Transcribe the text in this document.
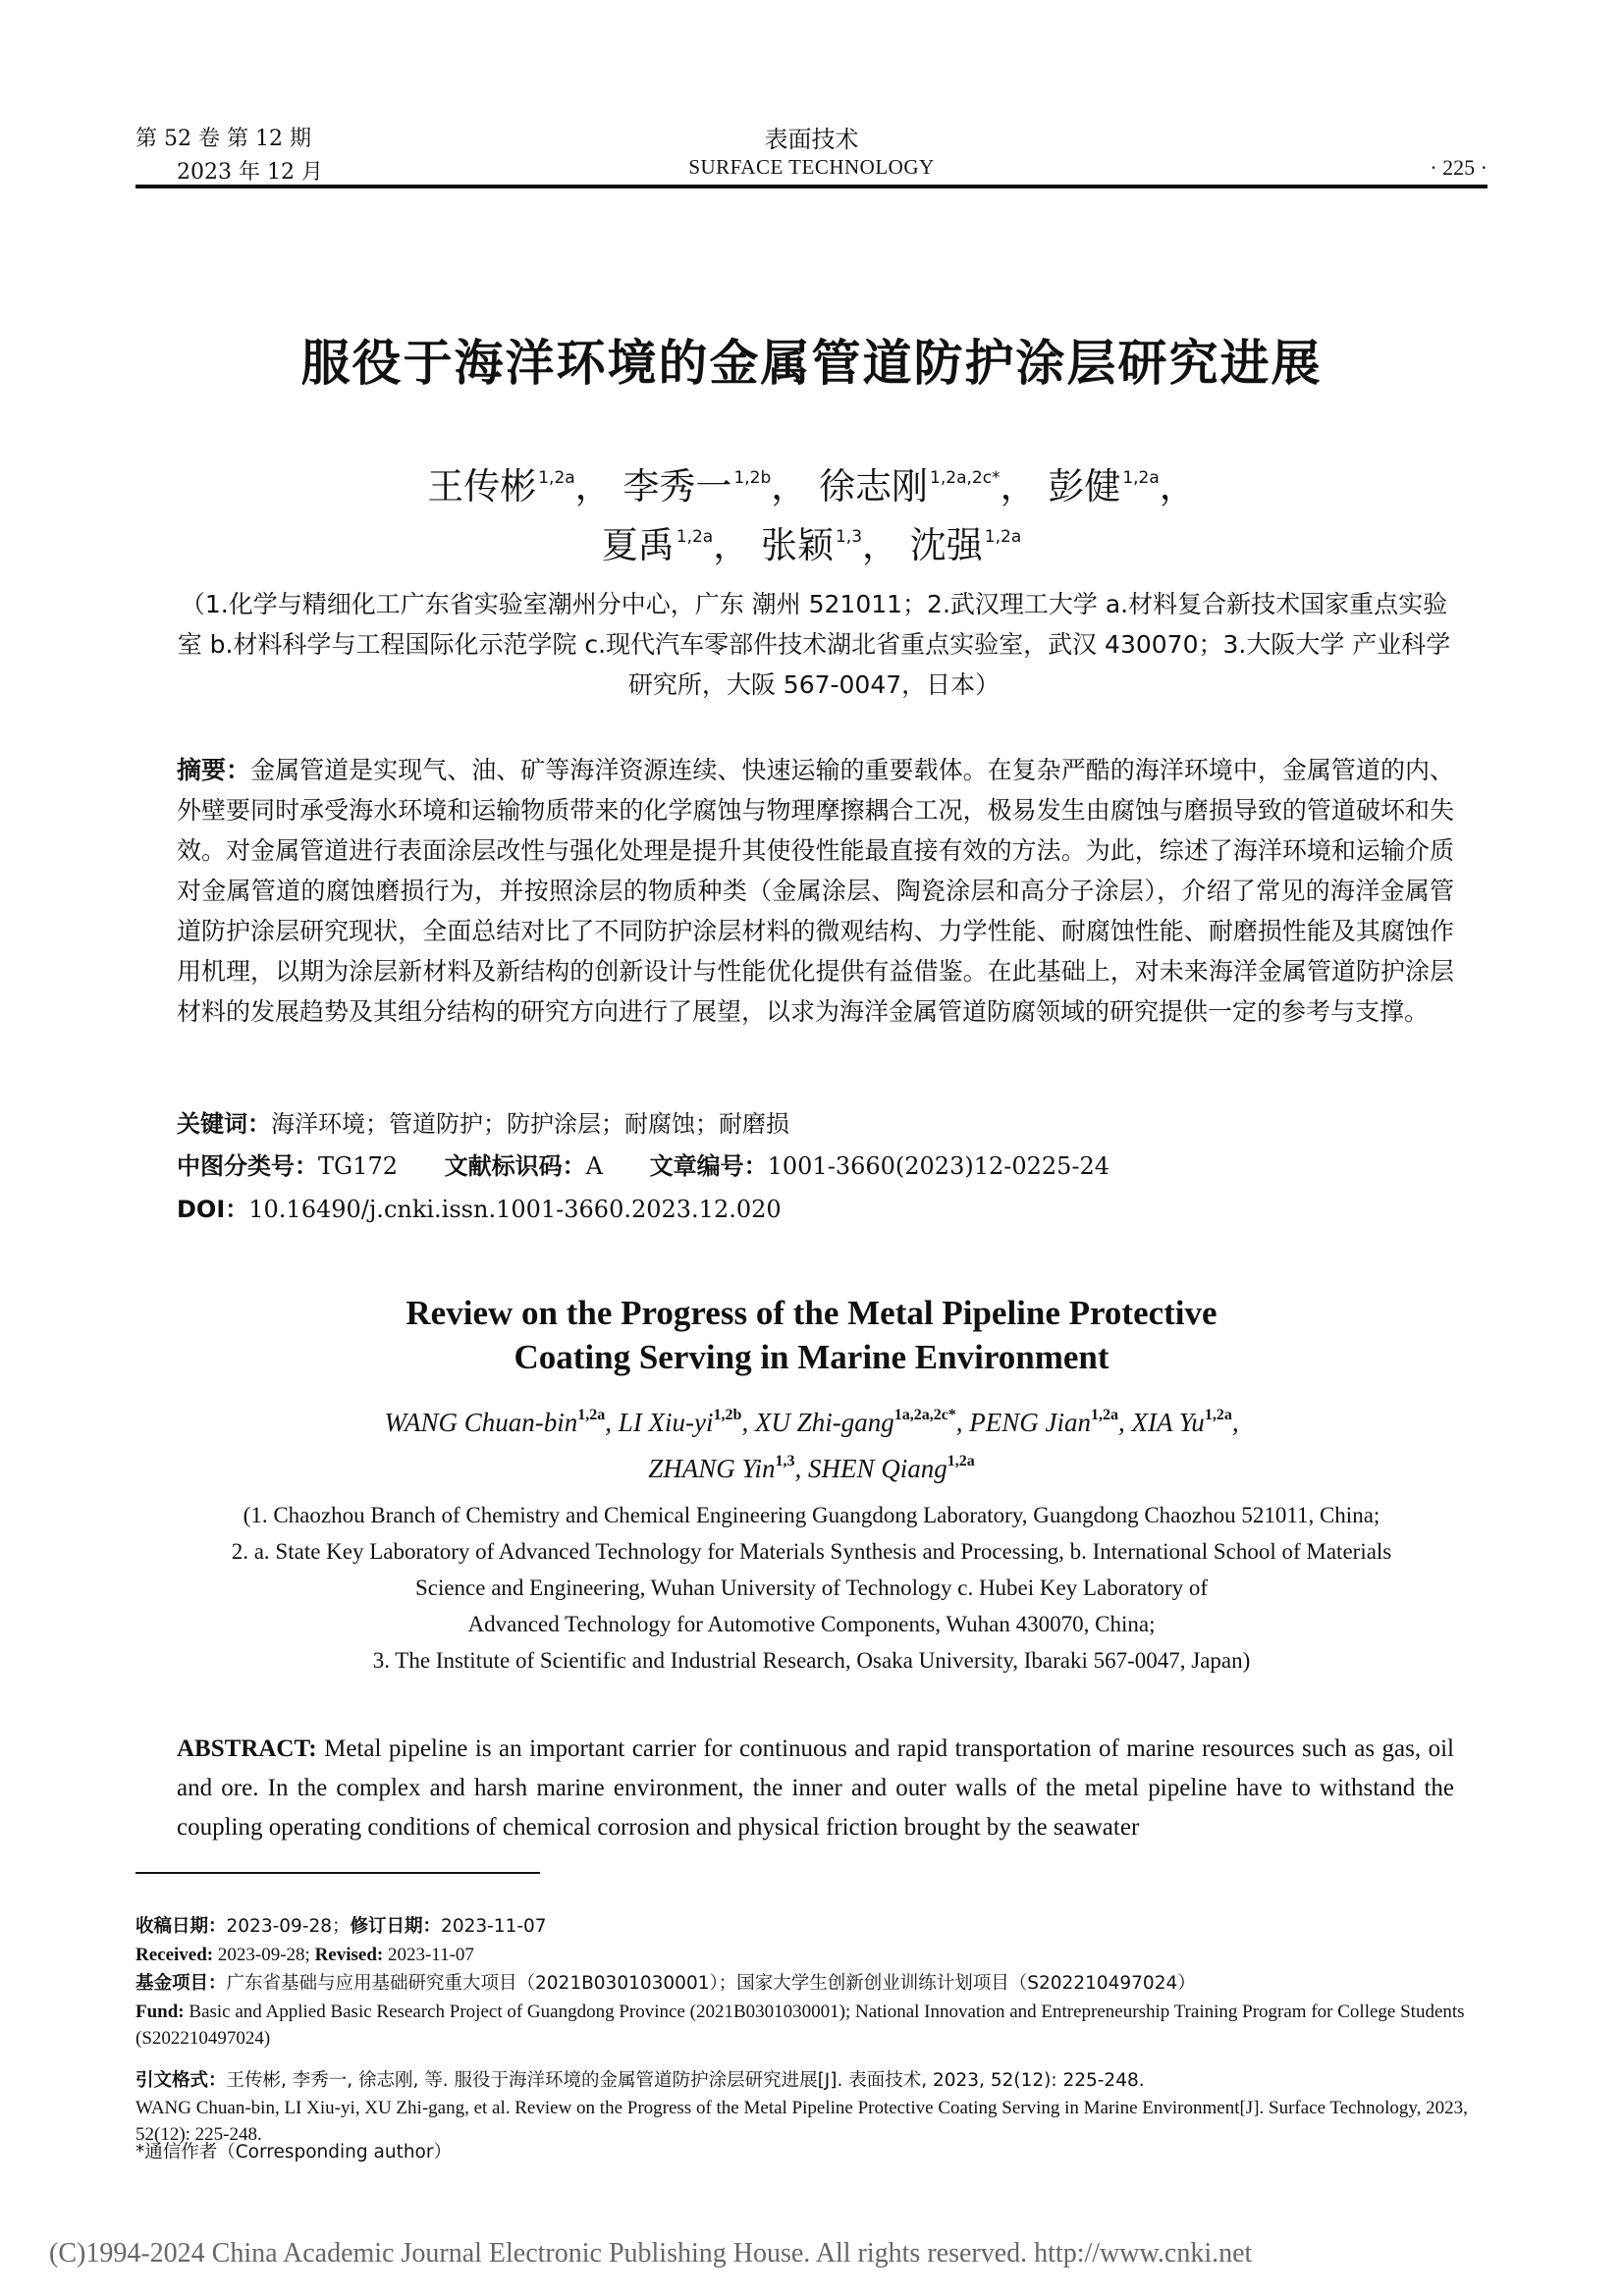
第 52 卷 第 12 期
2023 年 12 月
表面技术
SURFACE TECHNOLOGY	· 225 ·
服役于海洋环境的金属管道防护涂层研究进展
王传彬 $^{1,2a}$， 李秀一 $^{1,2b}$， 徐志刚 $^{1,2a,2c*}$， 彭健 $^{1,2a}$，
夏禹 $^{1,2a}$， 张颖 $^{1,3}$， 沈强 $^{1,2a}$
（1.化学与精细化工广东省实验室潮州分中心，广东 潮州 521011；2.武汉理工大学 a.材料复合新技术国家重点实验室 b.材料科学与工程国际化示范学院 c.现代汽车零部件技术湖北省重点实验室，武汉 430070；3.大阪大学 产业科学研究所，大阪 567-0047，日本）
摘要：金属管道是实现气、油、矿等海洋资源连续、快速运输的重要载体。在复杂严酷的海洋环境中，金属管道的内、外壁要同时承受海水环境和运输物质带来的化学腐蚀与物理摩擦耦合工况，极易发生由腐蚀与磨损导致的管道破坏和失效。对金属管道进行表面涂层改性与强化处理是提升其使役性能最直接有效的方法。为此，综述了海洋环境和运输介质对金属管道的腐蚀磨损行为，并按照涂层的物质种类（金属涂层、陶瓷涂层和高分子涂层），介绍了常见的海洋金属管道防护涂层研究现状，全面总结对比了不同防护涂层材料的微观结构、力学性能、耐腐蚀性能、耐磨损性能及其腐蚀作用机理，以期为涂层新材料及新结构的创新设计与性能优化提供有益借鉴。在此基础上，对未来海洋金属管道防护涂层材料的发展趋势及其组分结构的研究方向进行了展望，以求为海洋金属管道防腐领域的研究提供一定的参考与支撑。
关键词：海洋环境；管道防护；防护涂层；耐腐蚀；耐磨损
中图分类号：TG172 文献标识码：A 文章编号：1001-3660(2023)12-0225-24
DOI：10.16490/j.cnki.issn.1001-3660.2023.12.020
Review on the Progress of the Metal Pipeline Protective
Coating Serving in Marine Environment
WANG Chuan-bin$^{1,2a}$, LI Xiu-$yi^{1,2b}$, XU Zhi-gang$^{1a,2a,2c*}$, PENG Jian$^{1,2a}$, XIA $Yu^{1,2a}$,
ZHANG Yin$^{1,3}$, SHEN Qiang$^{1,2a}$
(1. Chaozhou Branch of Chemistry and Chemical Engineering Guangdong Laboratory, Guangdong Chaozhou 521011, China;
2. a. State Key Laboratory of Advanced Technology for Materials Synthesis and Processing, b. International School of Materials
Science and Engineering, Wuhan University of Technology c. Hubei Key Laboratory of
Advanced Technology for Automotive Components, Wuhan 430070, China;
3. The Institute of Scientific and Industrial Research, Osaka University, Ibaraki 567-0047, Japan)
ABSTRACT: Metal pipeline is an important carrier for continuous and rapid transportation of marine resources such as gas, oil and ore. In the complex and harsh marine environment, the inner and outer walls of the metal pipeline have to withstand the coupling operating conditions of chemical corrosion and physical friction brought by the seawater
收稿日期：2023-09-28；修订日期：2023-11-07
Received: 2023-09-28; Revised: 2023-11-07
基金项目：广东省基础与应用基础研究重大项目（2021B0301030001）；国家大学生创新创业训练计划项目（S202210497024）
Fund: Basic and Applied Basic Research Project of Guangdong Province (2021B0301030001); National Innovation and Entrepreneurship Training Program for College Students (S202210497024)
引文格式：王传彬, 李秀一, 徐志刚, 等. 服役于海洋环境的金属管道防护涂层研究进展[J]. 表面技术, 2023, 52(12): 225-248.
WANG Chuan-bin, LI Xiu-yi, XU Zhi-gang, et al. Review on the Progress of the Metal Pipeline Protective Coating Serving in Marine Environment[J]. Surface Technology, 2023, 52(12): 225-248.
*通信作者（Corresponding author）
(C)1994-2024 China Academic Journal Electronic Publishing House. All rights reserved. http://www.cnki.net
